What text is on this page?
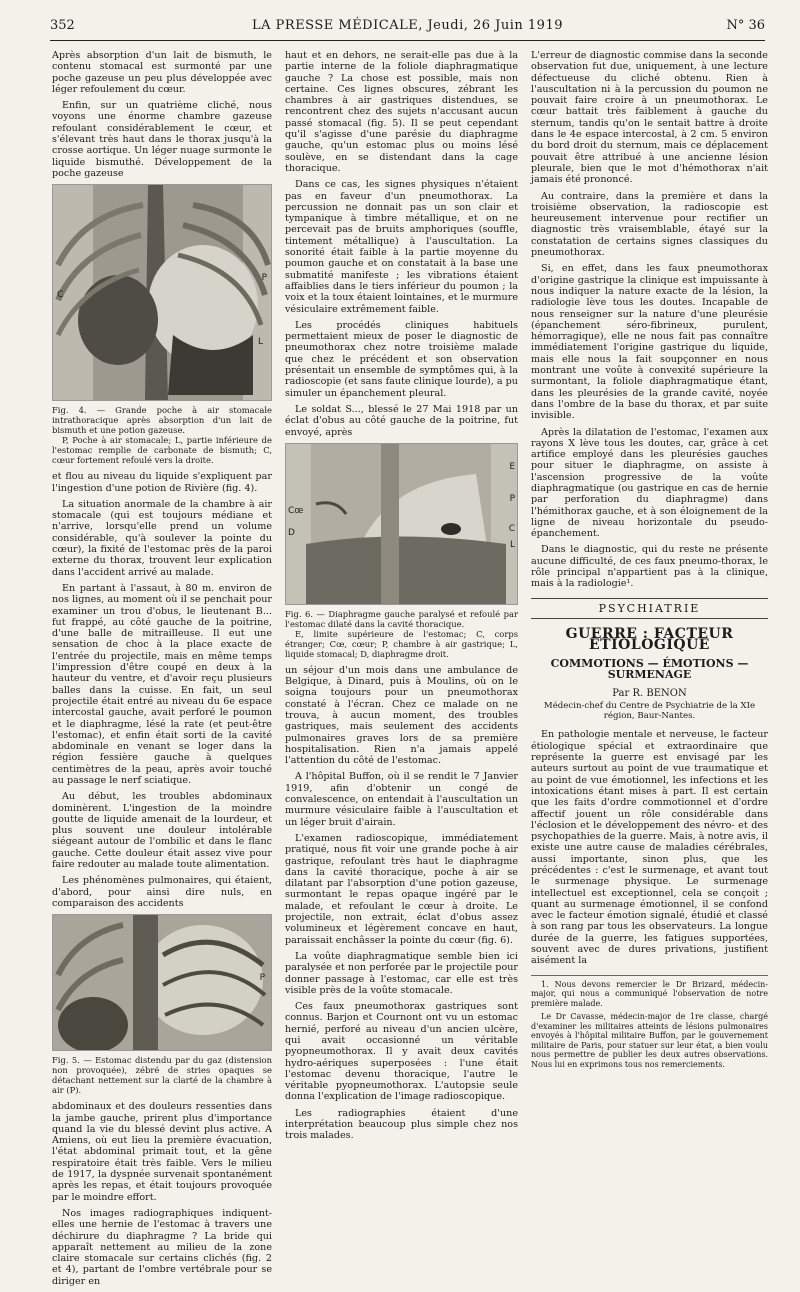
352	LA PRESSE MÉDICALE, Jeudi, 26 Juin 1919	N° 36

Après absorption d'un lait de bismuth, le contenu stomacal est surmonté par une poche gazeuse un peu plus développée avec léger refoulement du cœur.

Enfin, sur un quatrième cliché, nous voyons une énorme chambre gazeuse refoulant considérablement le cœur, et s'élevant très haut dans le thorax jusqu'à la crosse aortique. Un léger nuage surmonte le liquide bismuthé. Développement de la poche gazeuse

C
P
L
Fig. 4. — Grande poche à air stomacale intrathoracique après absorption d'un lait de bismuth et une potion gazeuse.
P, Poche à air stomacale; L, partie inférieure de l'estomac remplie de carbonate de bismuth; C, cœur fortement refoulé vers la droite.

et flou au niveau du liquide s'expliquent par l'ingestion d'une potion de Rivière (fig. 4).

La situation anormale de la chambre à air stomacale (qui est toujours médiane et n'arrive, lorsqu'elle prend un volume considérable, qu'à soulever la pointe du cœur), la fixité de l'estomac près de la paroi externe du thorax, trouvent leur explication dans l'accident arrivé au malade.

En partant à l'assaut, à 80 m. environ de nos lignes, au moment où il se penchait pour examiner un trou d'obus, le lieutenant B... fut frappé, au côté gauche de la poitrine, d'une balle de mitrailleuse. Il eut une sensation de choc à la place exacte de l'entrée du projectile, mais en même temps l'impression d'être coupé en deux à la hauteur du ventre, et d'avoir reçu plusieurs balles dans la cuisse. En fait, un seul projectile était entré au niveau du 6e espace intercostal gauche, avait perforé le poumon et le diaphragme, lésé la rate (et peut-être l'estomac), et enfin était sorti de la cavité abdominale en venant se loger dans la région fessière gauche à quelques centimètres de la peau, après avoir touché au passage le nerf sciatique.

Au début, les troubles abdominaux dominèrent. L'ingestion de la moindre goutte de liquide amenait de la lourdeur, et plus souvent une douleur intolérable siégeant autour de l'ombilic et dans le flanc gauche. Cette douleur était assez vive pour faire redouter au malade toute alimentation.

Les phénomènes pulmonaires, qui étaient, d'abord, pour ainsi dire nuls, en comparaison des accidents

P
Fig. 5. — Estomac distendu par du gaz (distension non provoquée), zébré de stries opaques se détachant nettement sur la clarté de la chambre à air (P).

abdominaux et des douleurs ressenties dans la jambe gauche, prirent plus d'importance quand la vie du blessé devint plus active. A Amiens, où eut lieu la première évacuation, l'état abdominal primait tout, et la gêne respiratoire était très faible. Vers le milieu de 1917, la dyspnée survenait spontanément après les repas, et était toujours provoquée par le moindre effort.

Nos images radiographiques indiquent-elles une hernie de l'estomac à travers une déchirure du diaphragme ? La bride qui apparaît nettement au milieu de la zone claire stomacale sur certains clichés (fig. 2 et 4), partant de l'ombre vertébrale pour se diriger en

haut et en dehors, ne serait-elle pas due à la partie interne de la foliole diaphragmatique gauche ? La chose est possible, mais non certaine. Ces lignes obscures, zébrant les chambres à air gastriques distendues, se rencontrent chez des sujets n'accusant aucun passé stomacal (fig. 5). Il se peut cependant qu'il s'agisse d'une parésie du diaphragme gauche, qu'un estomac plus ou moins lésé soulève, en se distendant dans la cage thoracique.

Dans ce cas, les signes physiques n'étaient pas en faveur d'un pneumothorax. La percussion ne donnait pas un son clair et tympanique à timbre métallique, et on ne percevait pas de bruits amphoriques (souffle, tintement métallique) à l'auscultation. La sonorité était faible à la partie moyenne du poumon gauche et on constatait à la base une submatité manifeste ; les vibrations étaient affaiblies dans le tiers inférieur du poumon ; la voix et la toux étaient lointaines, et le murmure vésiculaire extrêmement faible.

Les procédés cliniques habituels permettaient mieux de poser le diagnostic de pneumothorax chez notre troisième malade que chez le précédent et son observation présentait un ensemble de symptômes qui, à la radioscopie (et sans faute clinique lourde), a pu simuler un épanchement pleural.

Le soldat S..., blessé le 27 Mai 1918 par un éclat d'obus au côté gauche de la poitrine, fut envoyé, après

E
P
C
L
Cœ
D
Fig. 6. — Diaphragme gauche paralysé et refoulé par l'estomac dilaté dans la cavité thoracique.
E, limite supérieure de l'estomac; C, corps étranger; Cœ, cœur; P, chambre à air gastrique; L, liquide stomacal; D, diaphragme droit.

un séjour d'un mois dans une ambulance de Belgique, à Dinard, puis à Moulins, où on le soigna toujours pour un pneumothorax constaté à l'écran. Chez ce malade on ne trouva, à aucun moment, des troubles gastriques, mais seulement des accidents pulmonaires graves lors de sa première hospitalisation. Rien n'a jamais appelé l'attention du côté de l'estomac.

A l'hôpital Buffon, où il se rendit le 7 Janvier 1919, afin d'obtenir un congé de convalescence, on entendait à l'auscultation un murmure vésiculaire faible à l'auscultation et un léger bruit d'airain.

L'examen radioscopique, immédiatement pratiqué, nous fit voir une grande poche à air gastrique, refoulant très haut le diaphragme dans la cavité thoracique, poche à air se dilatant par l'absorption d'une potion gazeuse, surmontant le repas opaque ingéré par le malade, et refoulant le cœur à droite. Le projectile, non extrait, éclat d'obus assez volumineux et légèrement concave en haut, paraissait enchâsser la pointe du cœur (fig. 6).

La voûte diaphragmatique semble bien ici paralysée et non perforée par le projectile pour donner passage à l'estomac, car elle est très visible près de la voûte stomacale.

Ces faux pneumothorax gastriques sont connus. Barjon et Cournont ont vu un estomac hernié, perforé au niveau d'un ancien ulcère, qui avait occasionné un véritable pyopneumothorax. Il y avait deux cavités hydro-aériques superposées : l'une était l'estomac devenu thoracique, l'autre le véritable pyopneumothorax. L'autopsie seule donna l'explication de l'image radioscopique.

Les radiographies étaient d'une interprétation beaucoup plus simple chez nos trois malades.

L'erreur de diagnostic commise dans la seconde observation fut due, uniquement, à une lecture défectueuse du cliché obtenu. Rien à l'auscultation ni à la percussion du poumon ne pouvait faire croire à un pneumothorax. Le cœur battait très faiblement à gauche du sternum, tandis qu'on le sentait battre à droite dans le 4e espace intercostal, à 2 cm. 5 environ du bord droit du sternum, mais ce déplacement pouvait être attribué à une ancienne lésion pleurale, bien que le mot d'hémothorax n'ait jamais été prononcé.

Au contraire, dans la première et dans la troisième observation, la radioscopie est heureusement intervenue pour rectifier un diagnostic très vraisemblable, étayé sur la constatation de certains signes classiques du pneumothorax.

Si, en effet, dans les faux pneumothorax d'origine gastrique la clinique est impuissante à nous indiquer la nature exacte de la lésion, la radiologie lève tous les doutes. Incapable de nous renseigner sur la nature d'une pleurésie (épanchement séro-fibrineux, purulent, hémorragique), elle ne nous fait pas connaître immédiatement l'origine gastrique du liquide, mais elle nous la fait soupçonner en nous montrant une voûte à convexité supérieure la surmontant, la foliole diaphragmatique étant, dans les pleurésies de la grande cavité, noyée dans l'ombre de la base du thorax, et par suite invisible.

Après la dilatation de l'estomac, l'examen aux rayons X lève tous les doutes, car, grâce à cet artifice employé dans les pleurésies gauches pour situer le diaphragme, on assiste à l'ascension progressive de la voûte diaphragmatique (ou gastrique en cas de hernie par perforation du diaphragme) dans l'hémithorax gauche, et à son éloignement de la ligne de niveau horizontale du pseudo-épanchement.

Dans le diagnostic, qui du reste ne présente aucune difficulté, de ces faux pneumo-thorax, le rôle principal n'appartient pas à la clinique, mais à la radiologie¹.

PSYCHIATRIE
GUERRE : FACTEUR ÉTIOLOGIQUE
COMMOTIONS — ÉMOTIONS — SURMENAGE
Par R. BENON
Médecin-chef du Centre de Psychiatrie de la XIe région, Baur-Nantes.

En pathologie mentale et nerveuse, le facteur étiologique spécial et extraordinaire que représente la guerre est envisagé par les auteurs surtout au point de vue traumatique et au point de vue émotionnel, les infections et les intoxications étant mises à part. Il est certain que les faits d'ordre commotionnel et d'ordre affectif jouent un rôle considérable dans l'éclosion et le développement des névro- et des psychopathies de la guerre. Mais, à notre avis, il existe une autre cause de maladies cérébrales, aussi importante, sinon plus, que les précédentes : c'est le surmenage, et avant tout le surmenage physique. Le surmenage intellectuel est exceptionnel, cela se conçoit ; quant au surmenage émotionnel, il se confond avec le facteur émotion signalé, étudié et classé à son rang par tous les observateurs. La longue durée de la guerre, les fatigues supportées, souvent avec de dures privations, justifient aisément la

1. Nous devons remercier le Dr Brizard, médecin-major, qui nous a communiqué l'observation de notre première malade.

Le Dr Cavasse, médecin-major de 1re classe, chargé d'examiner les militaires atteints de lésions pulmonaires envoyés à l'hôpital militaire Buffon, par le gouvernement militaire de Paris, pour statuer sur leur état, a bien voulu nous permettre de publier les deux autres observations. Nous lui en exprimons tous nos remerciements.
